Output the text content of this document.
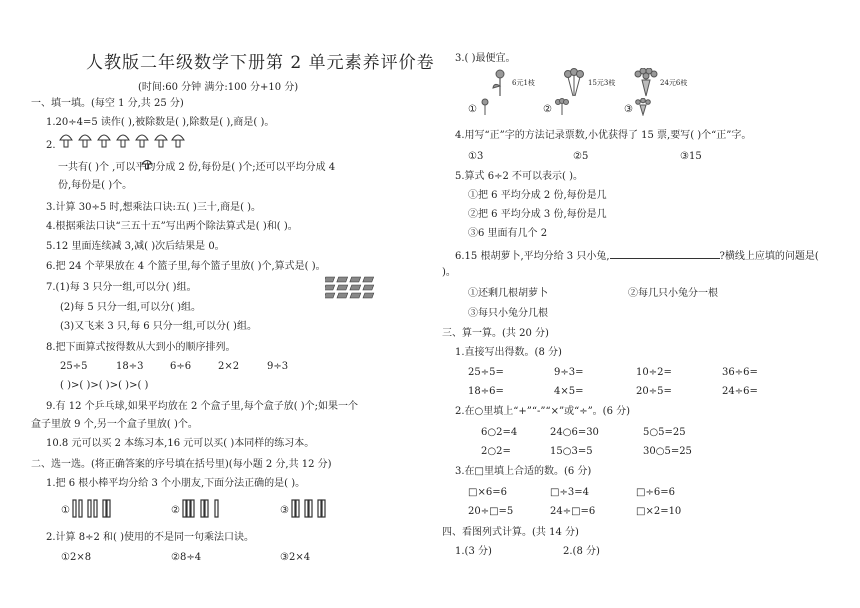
人教版二年级数学下册第 2 单元素养评价卷
(时间:60 分钟 满分:100 分+10 分)
一、填一填。(每空 1 分,共 25 分)
1.20÷4=5 读作( ),被除数是( ),除数是( ),商是( )。
2.
一共有( )个 ,可以平均分成 2 份,每份是( )个;还可以平均分成 4
份,每份是( )个。
3.计算 30÷5 时,想乘法口诀:五( )三十,商是( )。
4.根据乘法口诀“三五十五”写出两个除法算式是( )和( )。
5.12 里面连续减 3,减( )次后结果是 0。
6.把 24 个苹果放在 4 个篮子里,每个篮子里放( )个,算式是( )。
7.(1)每 3 只分一组,可以分( )组。
(2)每 5 只分一组,可以分( )组。
(3)又飞来 3 只,每 6 只分一组,可以分( )组。
8.把下面算式按得数从大到小的顺序排列。
25÷5	18÷3	6÷6	2×2	9÷3
( )>( )>( )>( )>( )
9.有 12 个乒乓球,如果平均放在 2 个盒子里,每个盒子放( )个;如果一个
盒子里放 9 个,另一个盒子里放( )个。
10.8 元可以买 2 本练习本,16 元可以买( )本同样的练习本。
二、选一选。(将正确答案的序号填在括号里)(每小题 2 分,共 12 分)
1.把 6 根小棒平均分给 3 个小朋友,下面分法正确的是( )。
①	②	③
2.计算 8÷2 和( )使用的不是同一句乘法口诀。
①2×8	②8÷4	③2×4
3.( )最便宜。
6元1枝	15元3枝	24元6枝
①	②	③
4.用写“正”字的方法记录票数,小优获得了 15 票,要写( )个“正”字。
①3	②5	③15
5.算式 6÷2 不可以表示( )。
①把 6 平均分成 2 份,每份是几
②把 6 平均分成 3 份,每份是几
③6 里面有几个 2
6.15 根胡萝卜,平均分给 3 只小兔,	?横线上应填的问题是(
)。
①还剩几根胡萝卜	②每几只小兔分一根
③每只小兔分几根
三、算一算。(共 20 分)
1.直接写出得数。(8 分)
25÷5=	9÷3=	10÷2=	36÷6=
18÷6=	4×5=	20÷5=	24÷6=
2.在○里填上“+”“-”“×”或“÷”。(6 分)
6○2=4	24○6=30	5○5=25
2○2=	15○3=5	30○5=25
3.在□里填上合适的数。(6 分)
□×6=6	□÷3=4	□÷6=6
20÷□=5	24÷□=6	□×2=10
四、看图列式计算。(共 14 分)
1.(3 分)	2.(8 分)
